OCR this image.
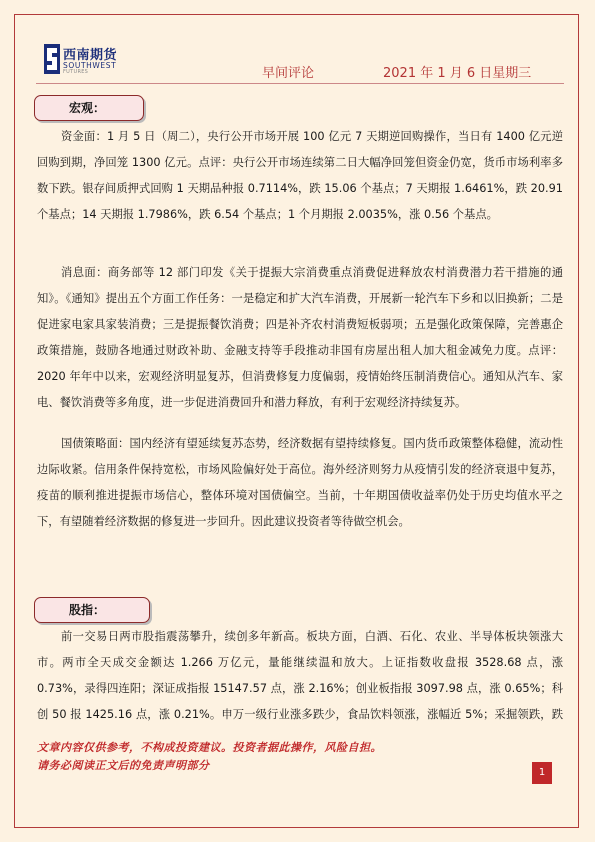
西南期货
SOUTHWEST
FUTURES	早间评论	2021 年 1 月 6 日星期三
宏观：

资金面：1 月 5 日（周二），央行公开市场开展 100 亿元 7 天期逆回购操作，当日有 1400 亿元逆回购到期，净回笼 1300 亿元。点评：央行公开市场连续第二日大幅净回笼但资金仍宽，货币市场利率多数下跌。银存间质押式回购 1 天期品种报 0.7114%，跌 15.06 个基点；7 天期报 1.6461%，跌 20.91 个基点；14 天期报 1.7986%，跌 6.54 个基点；1 个月期报 2.0035%，涨 0.56 个基点。

消息面：商务部等 12 部门印发《关于提振大宗消费重点消费促进释放农村消费潜力若干措施的通知》。《通知》提出五个方面工作任务：一是稳定和扩大汽车消费，开展新一轮汽车下乡和以旧换新；二是促进家电家具家装消费；三是提振餐饮消费；四是补齐农村消费短板弱项；五是强化政策保障，完善惠企政策措施，鼓励各地通过财政补助、金融支持等手段推动非国有房屋出租人加大租金减免力度。点评：2020 年年中以来，宏观经济明显复苏，但消费修复力度偏弱，疫情始终压制消费信心。通知从汽车、家电、餐饮消费等多角度，进一步促进消费回升和潜力释放，有利于宏观经济持续复苏。

国债策略面：国内经济有望延续复苏态势，经济数据有望持续修复。国内货币政策整体稳健，流动性边际收紧。信用条件保持宽松，市场风险偏好处于高位。海外经济则努力从疫情引发的经济衰退中复苏，疫苗的顺利推进提振市场信心，整体环境对国债偏空。当前，十年期国债收益率仍处于历史均值水平之下，有望随着经济数据的修复进一步回升。因此建议投资者等待做空机会。

股指：

前一交易日两市股指震荡攀升，续创多年新高。板块方面，白酒、石化、农业、半导体板块领涨大市。两市全天成交金额达 1.266 万亿元，量能继续温和放大。上证指数收盘报 3528.68 点，涨 0.73%，录得四连阳；深证成指报 15147.57 点，涨 2.16%；创业板指报 3097.98 点，涨 0.65%；科创 50 报 1425.16 点，涨 0.21%。申万一级行业涨多跌少，食品饮料领涨，涨幅近 5%；采掘领跌，跌

文章内容仅供参考，不构成投资建议。投资者据此操作，风险自担。
请务必阅读正文后的免责声明部分
1
